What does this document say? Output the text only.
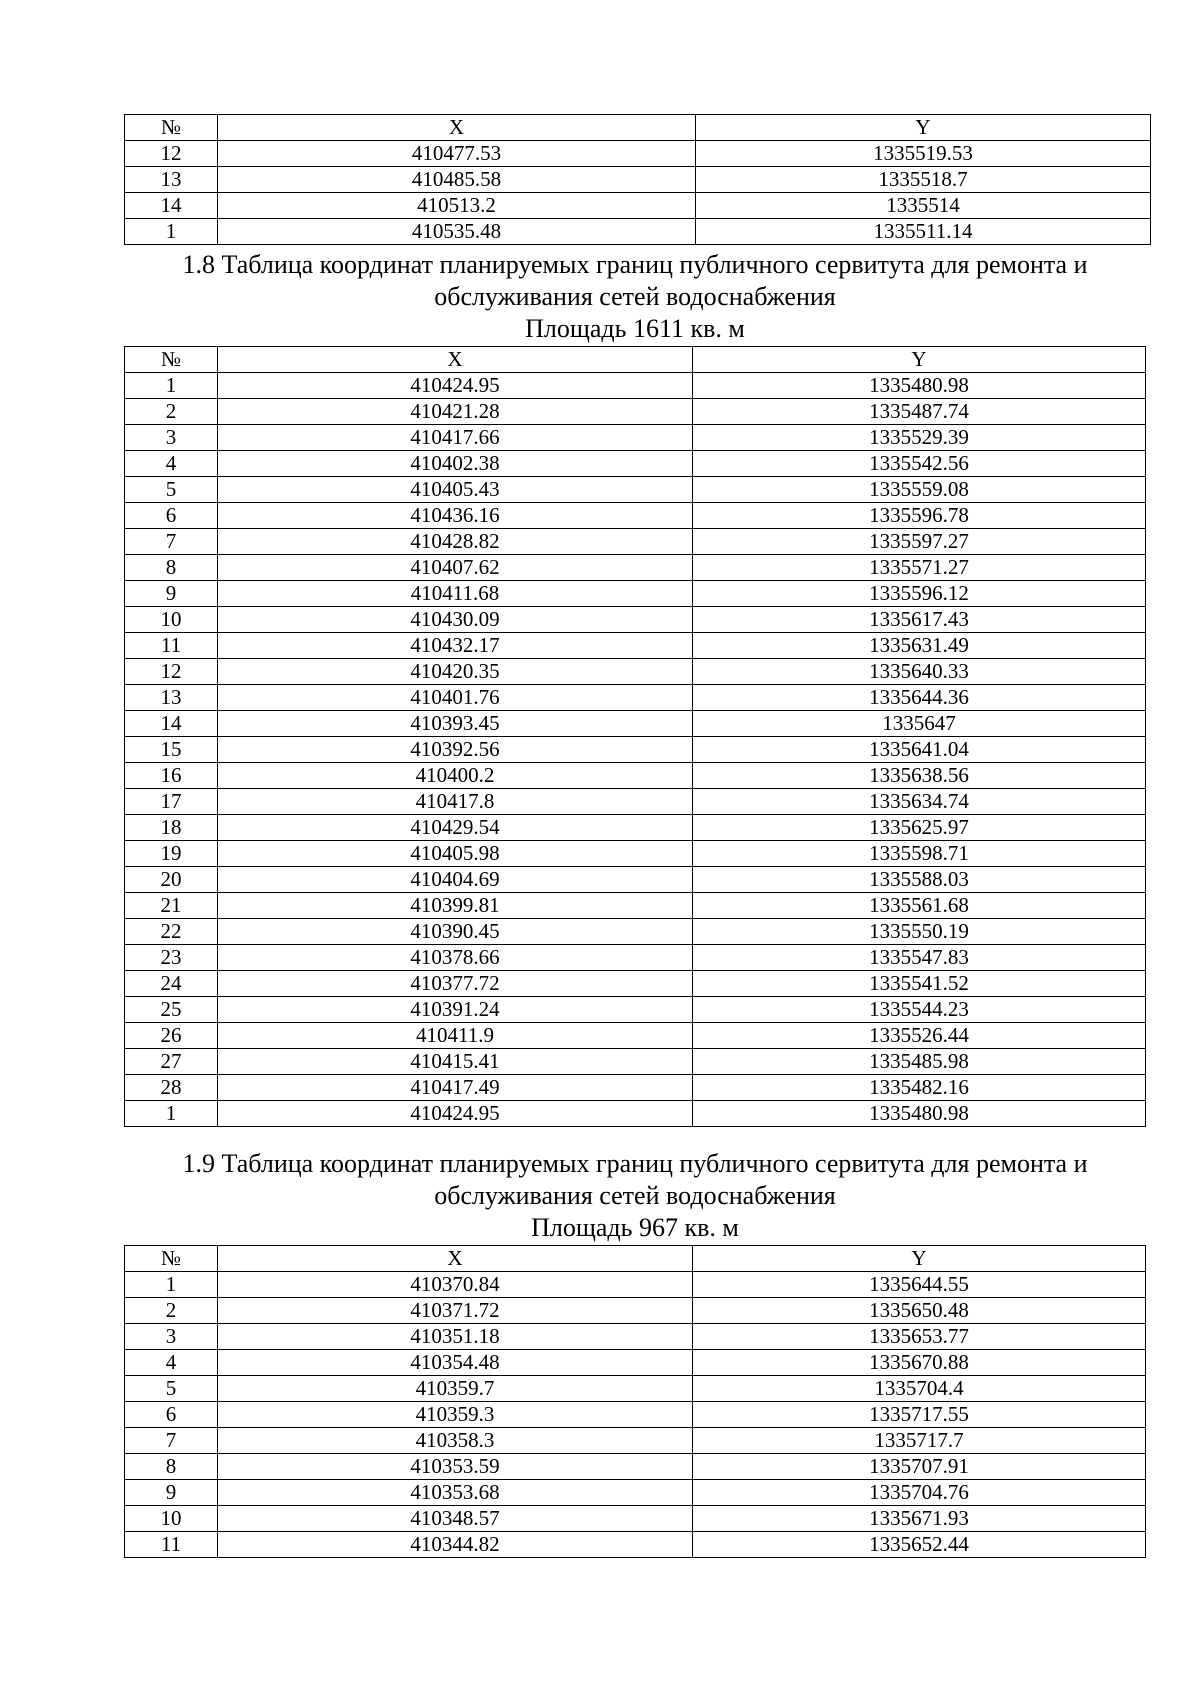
№	X	Y
12	410477.53	1335519.53
13	410485.58	1335518.7
14	410513.2	1335514
1	410535.48	1335511.14
1.8 Таблица координат планируемых границ публичного сервитута для ремонта и
обслуживания сетей водоснабжения
Площадь 1611 кв. м
№	X	Y
1	410424.95	1335480.98
2	410421.28	1335487.74
3	410417.66	1335529.39
4	410402.38	1335542.56
5	410405.43	1335559.08
6	410436.16	1335596.78
7	410428.82	1335597.27
8	410407.62	1335571.27
9	410411.68	1335596.12
10	410430.09	1335617.43
11	410432.17	1335631.49
12	410420.35	1335640.33
13	410401.76	1335644.36
14	410393.45	1335647
15	410392.56	1335641.04
16	410400.2	1335638.56
17	410417.8	1335634.74
18	410429.54	1335625.97
19	410405.98	1335598.71
20	410404.69	1335588.03
21	410399.81	1335561.68
22	410390.45	1335550.19
23	410378.66	1335547.83
24	410377.72	1335541.52
25	410391.24	1335544.23
26	410411.9	1335526.44
27	410415.41	1335485.98
28	410417.49	1335482.16
1	410424.95	1335480.98
1.9 Таблица координат планируемых границ публичного сервитута для ремонта и
обслуживания сетей водоснабжения
Площадь 967 кв. м
№	X	Y
1	410370.84	1335644.55
2	410371.72	1335650.48
3	410351.18	1335653.77
4	410354.48	1335670.88
5	410359.7	1335704.4
6	410359.3	1335717.55
7	410358.3	1335717.7
8	410353.59	1335707.91
9	410353.68	1335704.76
10	410348.57	1335671.93
11	410344.82	1335652.44
